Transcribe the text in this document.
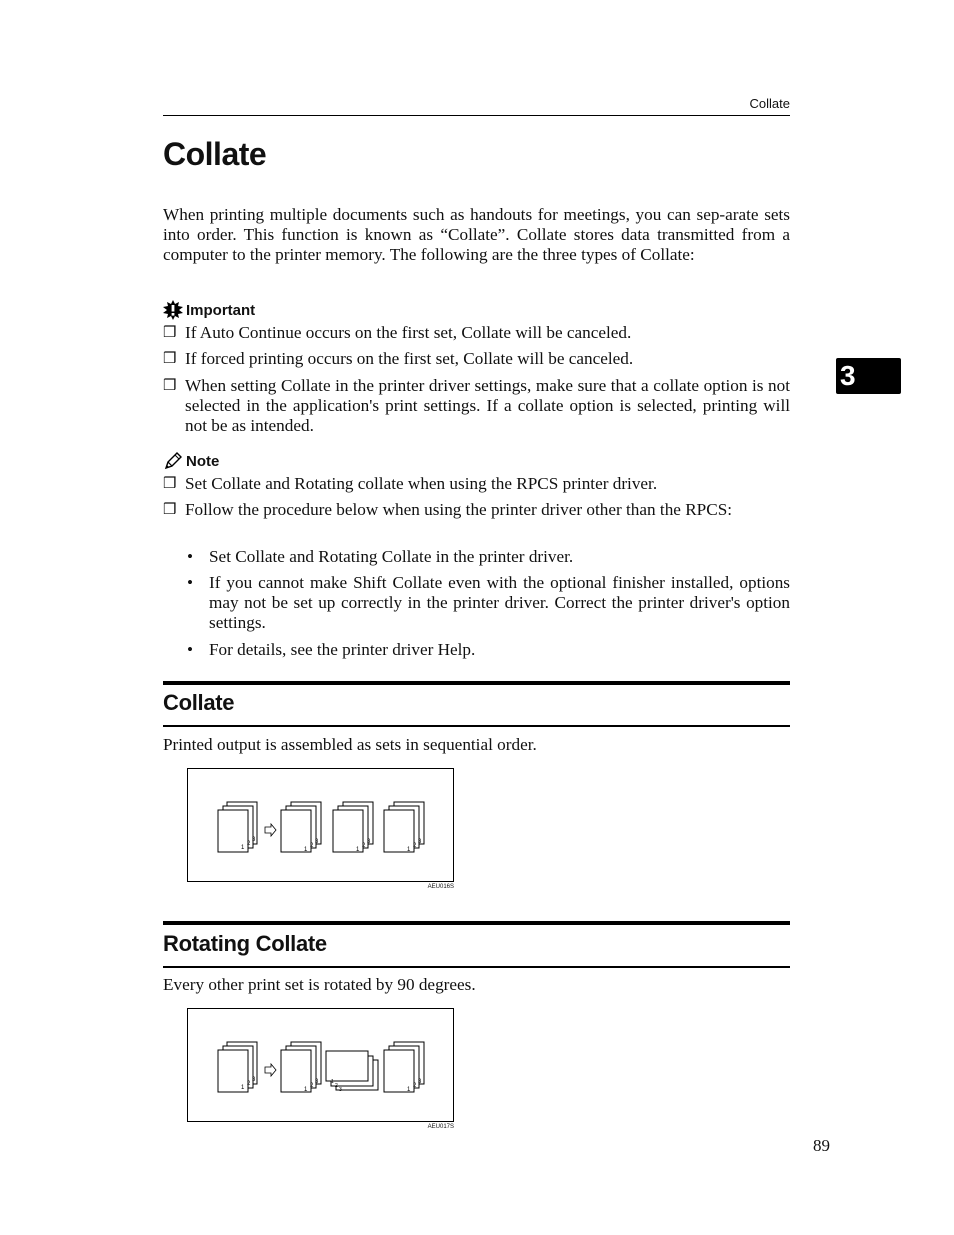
Collate
Collate

When printing multiple documents such as handouts for meetings, you can sep-arate sets into order. This function is known as “Collate”. Collate stores data transmitted from a computer to the printer memory. The following are the three types of Collate:

Important
❒ If Auto Continue occurs on the first set, Collate will be canceled.
❒ If forced printing occurs on the first set, Collate will be canceled.
❒ When setting Collate in the printer driver settings, make sure that a collate option is not selected in the application's print settings. If a collate option is selected, printing will not be as intended.
Note
❒ Set Collate and Rotating collate when using the RPCS printer driver.
❒ Follow the procedure below when using the printer driver other than the RPCS:
• Set Collate and Rotating Collate in the printer driver.
• If you cannot make Shift Collate even with the optional finisher installed, options may not be set up correctly in the printer driver. Correct the printer driver's option settings.
• For details, see the printer driver Help.
Collate

Printed output is assembled as sets in sequential order.

1
2
3
1
2
3
1
2
3
1
2
3
AEU016S
Rotating Collate

Every other print set is rotated by 90 degrees.

1
2
3
1
2
3	1
2
3	1
2
3
AEU017S
3
89
